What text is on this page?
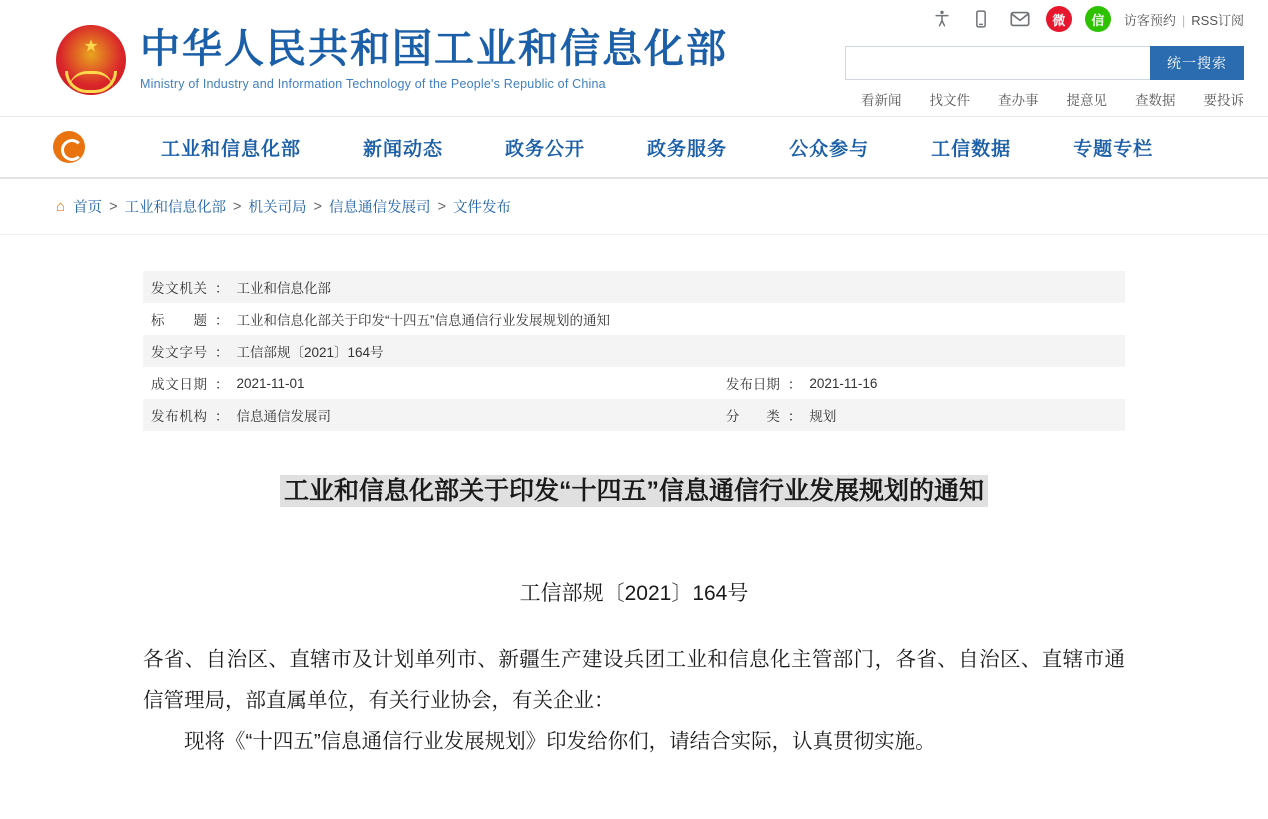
★ 中华人民共和国工业和信息化部
Ministry of Industry and Information Technology of the People's Republic of China
微	信	访客预约 | RSS订阅
统一搜索
看新闻 找文件 查办事 提意见 查数据 要投诉
工业和信息化部	新闻动态	政务公开	政务服务	公众参与	工信数据	专题专栏
⌂ 首页 > 工业和信息化部 > 机关司局 > 信息通信发展司 > 文件发布
发文机关	：	工业和信息化部			
标题	：	工业和信息化部关于印发“十四五”信息通信行业发展规划的通知			
发文字号	：	工信部规〔2021〕164号			
成文日期	：	2021-11-01	发布日期	：	2021-11-16
发布机构	：	信息通信发展司	分类	：	规划
工业和信息化部关于印发“十四五”信息通信行业发展规划的通知
工信部规〔2021〕164号

各省、自治区、直辖市及计划单列市、新疆生产建设兵团工业和信息化主管部门，各省、自治区、直辖市通信管理局，部直属单位，有关行业协会，有关企业：

现将《“十四五”信息通信行业发展规划》印发给你们，请结合实际，认真贯彻实施。
